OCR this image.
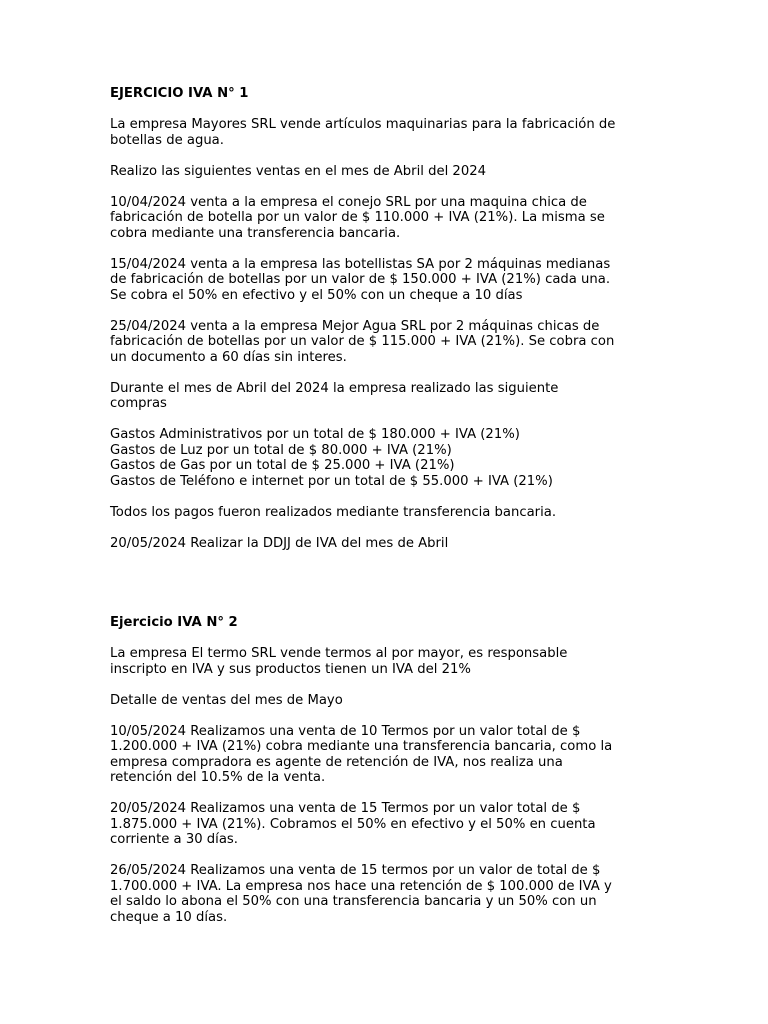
EJERCICIO IVA N° 1

La empresa Mayores SRL vende artículos maquinarias para la fabricación de
botellas de agua.

Realizo las siguientes ventas en el mes de Abril del 2024

10/04/2024 venta a la empresa el conejo SRL por una maquina chica de
fabricación de botella por un valor de $ 110.000 + IVA (21%). La misma se
cobra mediante una transferencia bancaria.

15/04/2024 venta a la empresa las botellistas SA por 2 máquinas medianas
de fabricación de botellas por un valor de $ 150.000 + IVA (21%) cada una.
Se cobra el 50% en efectivo y el 50% con un cheque a 10 días

25/04/2024 venta a la empresa Mejor Agua SRL por 2 máquinas chicas de
fabricación de botellas por un valor de $ 115.000 + IVA (21%). Se cobra con
un documento a 60 días sin interes.

Durante el mes de Abril del 2024 la empresa realizado las siguiente
compras

Gastos Administrativos por un total de $ 180.000 + IVA (21%)
Gastos de Luz por un total de $ 80.000 + IVA (21%)
Gastos de Gas por un total de $ 25.000 + IVA (21%)
Gastos de Teléfono e internet por un total de $ 55.000 + IVA (21%)

Todos los pagos fueron realizados mediante transferencia bancaria.

20/05/2024 Realizar la DDJJ de IVA del mes de Abril

Ejercicio IVA N° 2

La empresa El termo SRL vende termos al por mayor, es responsable
inscripto en IVA y sus productos tienen un IVA del 21%

Detalle de ventas del mes de Mayo

10/05/2024 Realizamos una venta de 10 Termos por un valor total de $
1.200.000 + IVA (21%) cobra mediante una transferencia bancaria, como la
empresa compradora es agente de retención de IVA, nos realiza una
retención del 10.5% de la venta.

20/05/2024 Realizamos una venta de 15 Termos por un valor total de $
1.875.000 + IVA (21%). Cobramos el 50% en efectivo y el 50% en cuenta
corriente a 30 días.

26/05/2024 Realizamos una venta de 15 termos por un valor de total de $
1.700.000 + IVA. La empresa nos hace una retención de $ 100.000 de IVA y
el saldo lo abona el 50% con una transferencia bancaria y un 50% con un
cheque a 10 días.
